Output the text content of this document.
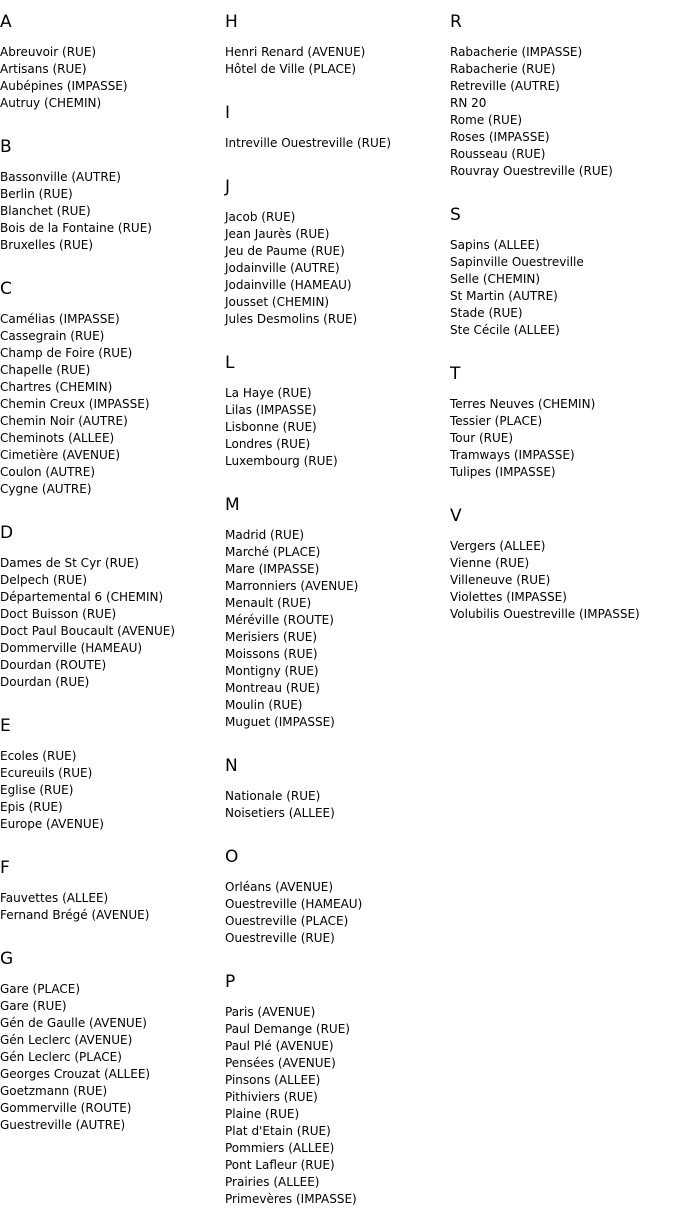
A
Abreuvoir (RUE)
Artisans (RUE)
Aubépines (IMPASSE)
Autruy (CHEMIN)
B
Bassonville (AUTRE)
Berlin (RUE)
Blanchet (RUE)
Bois de la Fontaine (RUE)
Bruxelles (RUE)
C
Camélias (IMPASSE)
Cassegrain (RUE)
Champ de Foire (RUE)
Chapelle (RUE)
Chartres (CHEMIN)
Chemin Creux (IMPASSE)
Chemin Noir (AUTRE)
Cheminots (ALLEE)
Cimetière (AVENUE)
Coulon (AUTRE)
Cygne (AUTRE)
D
Dames de St Cyr (RUE)
Delpech (RUE)
Départemental 6 (CHEMIN)
Doct Buisson (RUE)
Doct Paul Boucault (AVENUE)
Dommerville (HAMEAU)
Dourdan (ROUTE)
Dourdan (RUE)
E
Ecoles (RUE)
Ecureuils (RUE)
Eglise (RUE)
Epis (RUE)
Europe (AVENUE)
F
Fauvettes (ALLEE)
Fernand Brégé (AVENUE)
G
Gare (PLACE)
Gare (RUE)
Gén de Gaulle (AVENUE)
Gén Leclerc (AVENUE)
Gén Leclerc (PLACE)
Georges Crouzat (ALLEE)
Goetzmann (RUE)
Gommerville (ROUTE)
Guestreville (AUTRE)
H
Henri Renard (AVENUE)
Hôtel de Ville (PLACE)
I
Intreville Ouestreville (RUE)
J
Jacob (RUE)
Jean Jaurès (RUE)
Jeu de Paume (RUE)
Jodainville (AUTRE)
Jodainville (HAMEAU)
Jousset (CHEMIN)
Jules Desmolins (RUE)
L
La Haye (RUE)
Lilas (IMPASSE)
Lisbonne (RUE)
Londres (RUE)
Luxembourg (RUE)
M
Madrid (RUE)
Marché (PLACE)
Mare (IMPASSE)
Marronniers (AVENUE)
Menault (RUE)
Méréville (ROUTE)
Merisiers (RUE)
Moissons (RUE)
Montigny (RUE)
Montreau (RUE)
Moulin (RUE)
Muguet (IMPASSE)
N
Nationale (RUE)
Noisetiers (ALLEE)
O
Orléans (AVENUE)
Ouestreville (HAMEAU)
Ouestreville (PLACE)
Ouestreville (RUE)
P
Paris (AVENUE)
Paul Demange (RUE)
Paul Plé (AVENUE)
Pensées (AVENUE)
Pinsons (ALLEE)
Pithiviers (RUE)
Plaine (RUE)
Plat d'Etain (RUE)
Pommiers (ALLEE)
Pont Lafleur (RUE)
Prairies (ALLEE)
Primevères (IMPASSE)
R
Rabacherie (IMPASSE)
Rabacherie (RUE)
Retreville (AUTRE)
RN 20
Rome (RUE)
Roses (IMPASSE)
Rousseau (RUE)
Rouvray Ouestreville (RUE)
S
Sapins (ALLEE)
Sapinville Ouestreville
Selle (CHEMIN)
St Martin (AUTRE)
Stade (RUE)
Ste Cécile (ALLEE)
T
Terres Neuves (CHEMIN)
Tessier (PLACE)
Tour (RUE)
Tramways (IMPASSE)
Tulipes (IMPASSE)
V
Vergers (ALLEE)
Vienne (RUE)
Villeneuve (RUE)
Violettes (IMPASSE)
Volubilis Ouestreville (IMPASSE)
